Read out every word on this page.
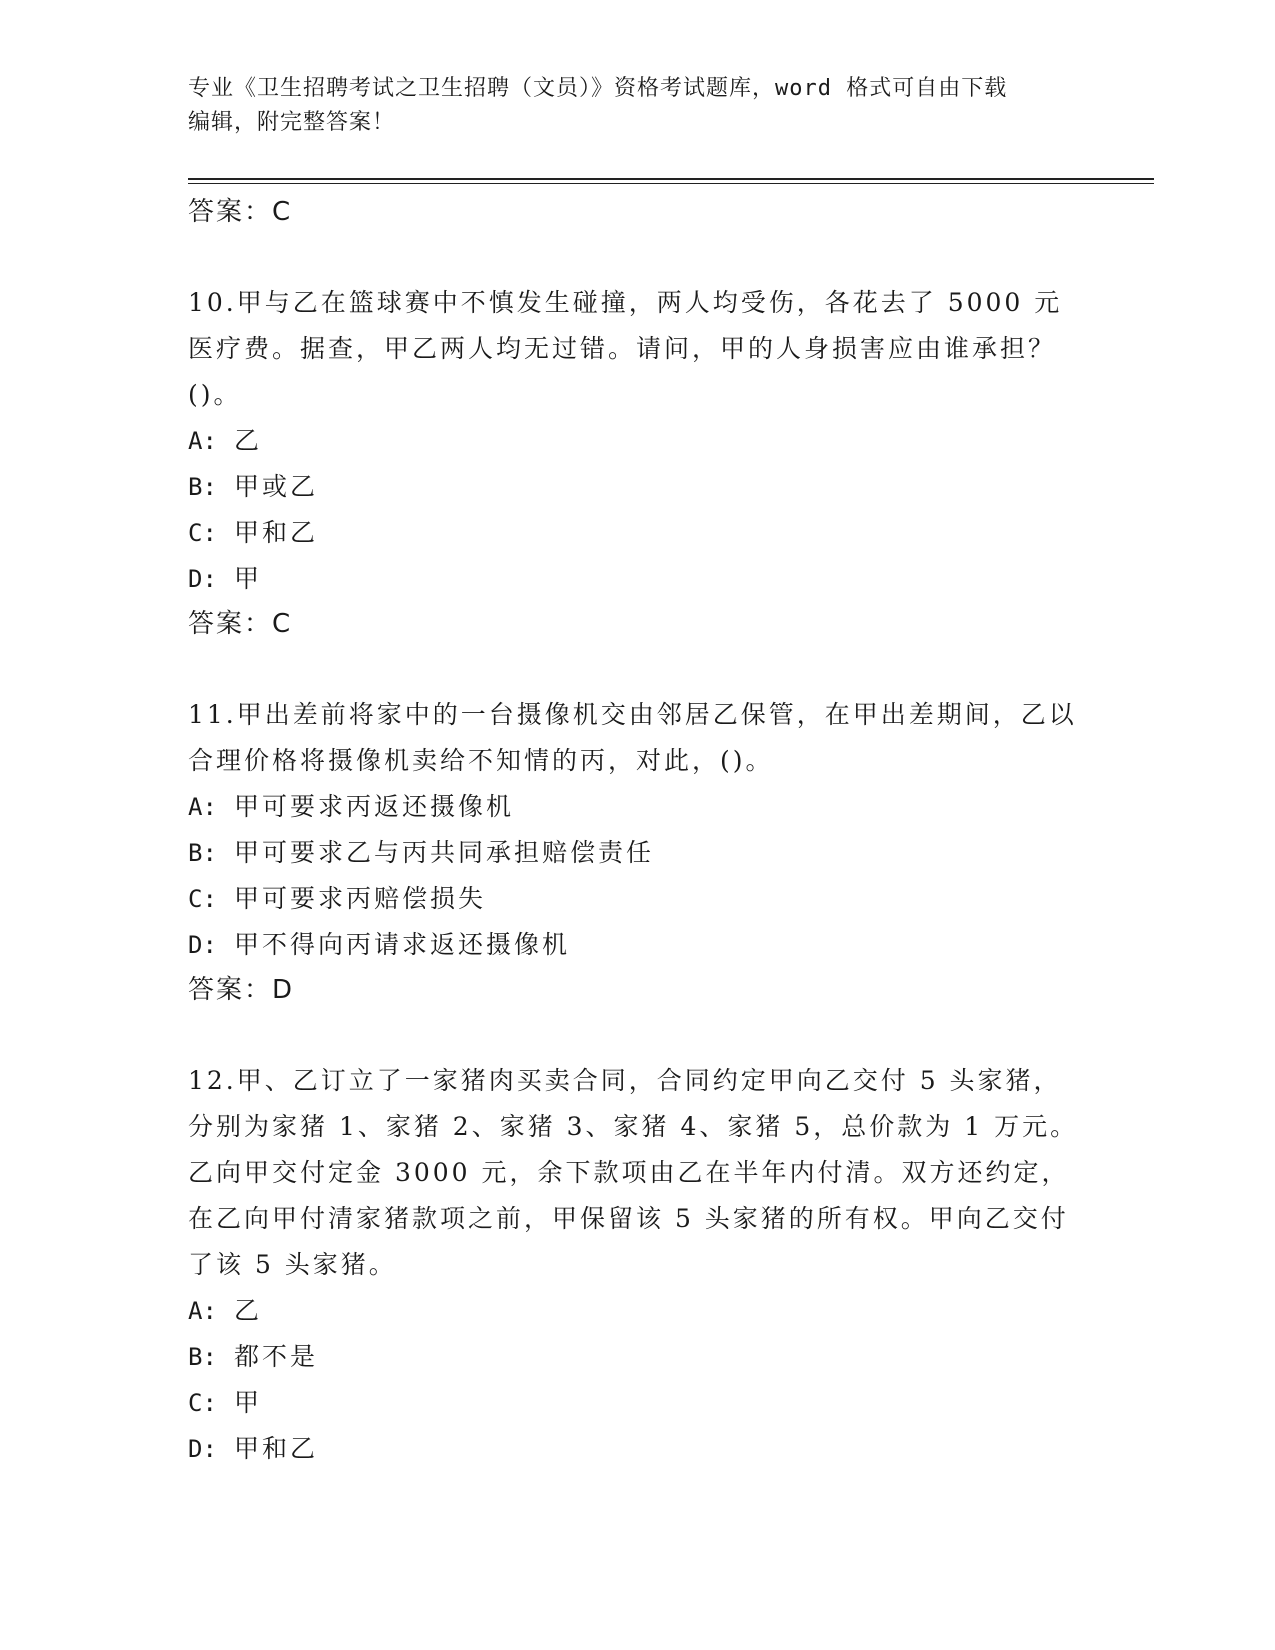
专业《卫生招聘考试之卫生招聘（文员）》资格考试题库，word 格式可自由下载
编辑，附完整答案！
答案：C
10.甲与乙在篮球赛中不慎发生碰撞，两人均受伤，各花去了 5000 元医疗费。据查，甲乙两人均无过错。请问，甲的人身损害应由谁承担？()。
A: 乙
B: 甲或乙
C: 甲和乙
D: 甲
答案：C
11.甲出差前将家中的一台摄像机交由邻居乙保管，在甲出差期间，乙以合理价格将摄像机卖给不知情的丙，对此，()。
A: 甲可要求丙返还摄像机
B: 甲可要求乙与丙共同承担赔偿责任
C: 甲可要求丙赔偿损失
D: 甲不得向丙请求返还摄像机
答案：D
12.甲、乙订立了一家猪肉买卖合同，合同约定甲向乙交付 5 头家猪，分别为家猪 1、家猪 2、家猪 3、家猪 4、家猪 5，总价款为 1 万元。乙向甲交付定金 3000 元，余下款项由乙在半年内付清。双方还约定，在乙向甲付清家猪款项之前，甲保留该 5 头家猪的所有权。甲向乙交付了该 5 头家猪。
A: 乙
B: 都不是
C: 甲
D: 甲和乙
